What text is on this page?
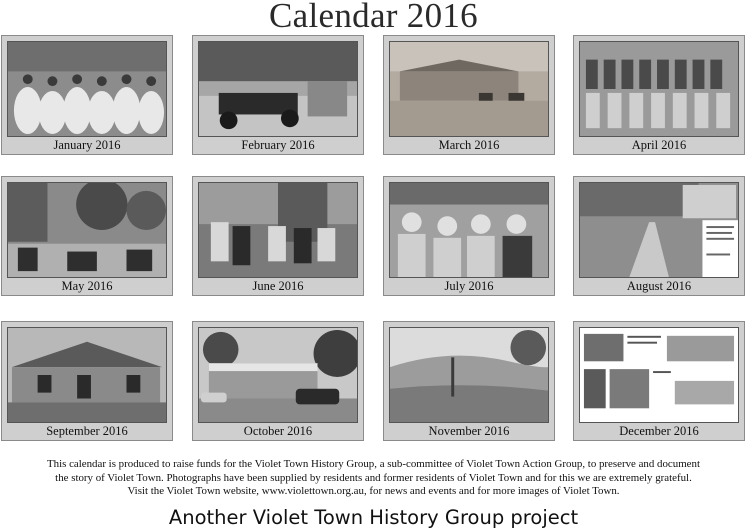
Calendar 2016
January 2016	February 2016	March 2016	April 2016
May 2016	June 2016	July 2016	August 2016
September 2016	October 2016	November 2016	December 2016
This calendar is produced to raise funds for the Violet Town History Group, a sub-committee of Violet Town Action Group, to preserve and document
the story of Violet Town. Photographs have been supplied by residents and former residents of Violet Town and for this we are extremely grateful.
Visit the Violet Town website, www.violettown.org.au, for news and events and for more images of Violet Town.
Another Violet Town History Group project
